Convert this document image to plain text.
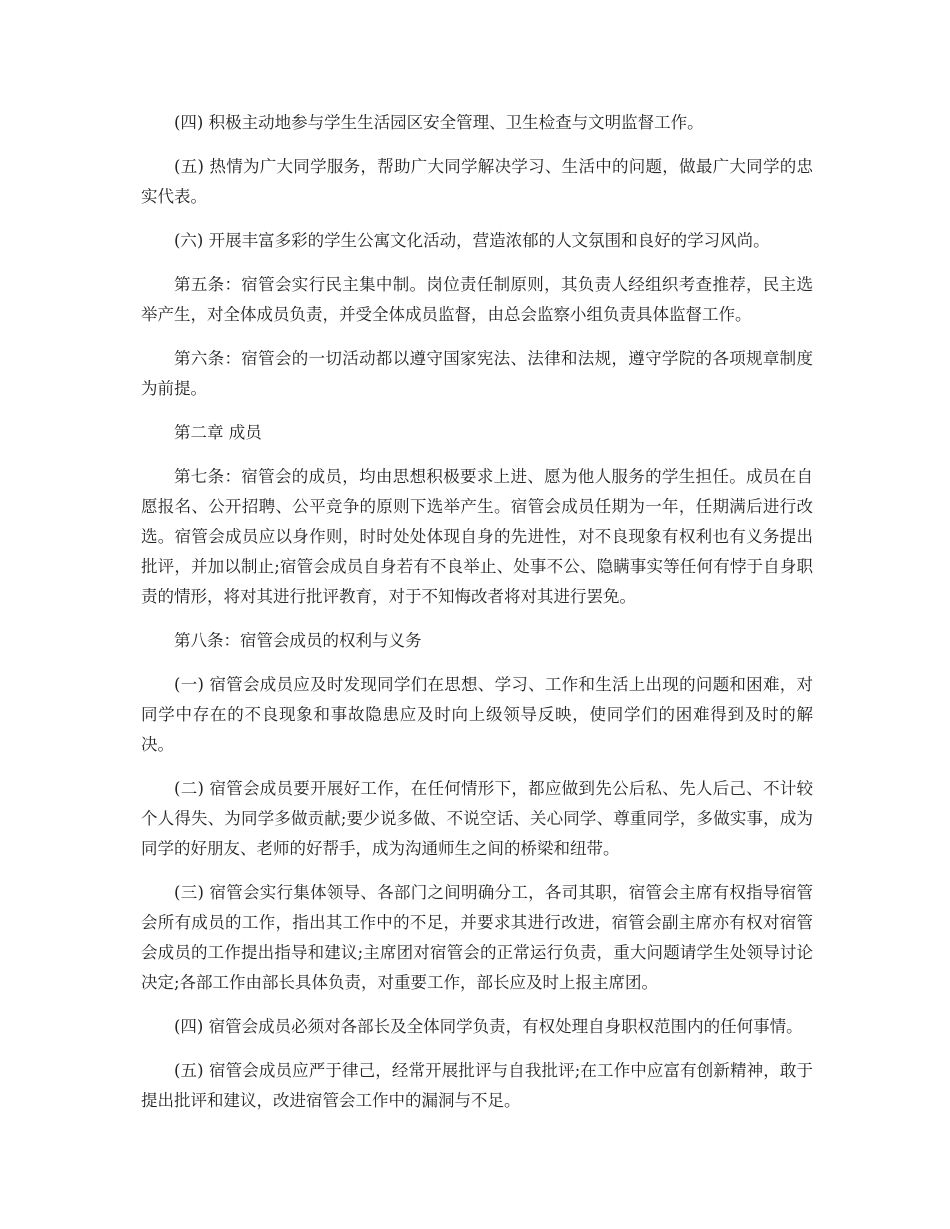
(四) 积极主动地参与学生生活园区安全管理、卫生检查与文明监督工作。

(五) 热情为广大同学服务，帮助广大同学解决学习、生活中的问题，做最广大同学的忠实代表。

(六) 开展丰富多彩的学生公寓文化活动，营造浓郁的人文氛围和良好的学习风尚。

第五条：宿管会实行民主集中制。岗位责任制原则，其负责人经组织考查推荐，民主选举产生，对全体成员负责，并受全体成员监督，由总会监察小组负责具体监督工作。

第六条：宿管会的一切活动都以遵守国家宪法、法律和法规，遵守学院的各项规章制度为前提。

第二章 成员

第七条：宿管会的成员，均由思想积极要求上进、愿为他人服务的学生担任。成员在自愿报名、公开招聘、公平竞争的原则下选举产生。宿管会成员任期为一年，任期满后进行改选。宿管会成员应以身作则，时时处处体现自身的先进性，对不良现象有权利也有义务提出批评，并加以制止;宿管会成员自身若有不良举止、处事不公、隐瞒事实等任何有悖于自身职责的情形，将对其进行批评教育，对于不知悔改者将对其进行罢免。

第八条：宿管会成员的权利与义务

(一) 宿管会成员应及时发现同学们在思想、学习、工作和生活上出现的问题和困难，对同学中存在的不良现象和事故隐患应及时向上级领导反映，使同学们的困难得到及时的解决。

(二) 宿管会成员要开展好工作，在任何情形下，都应做到先公后私、先人后己、不计较个人得失、为同学多做贡献;要少说多做、不说空话、关心同学、尊重同学，多做实事，成为同学的好朋友、老师的好帮手，成为沟通师生之间的桥梁和纽带。

(三) 宿管会实行集体领导、各部门之间明确分工，各司其职，宿管会主席有权指导宿管会所有成员的工作，指出其工作中的不足，并要求其进行改进，宿管会副主席亦有权对宿管会成员的工作提出指导和建议;主席团对宿管会的正常运行负责，重大问题请学生处领导讨论决定;各部工作由部长具体负责，对重要工作，部长应及时上报主席团。

(四) 宿管会成员必须对各部长及全体同学负责，有权处理自身职权范围内的任何事情。

(五) 宿管会成员应严于律己，经常开展批评与自我批评;在工作中应富有创新精神，敢于提出批评和建议，改进宿管会工作中的漏洞与不足。
